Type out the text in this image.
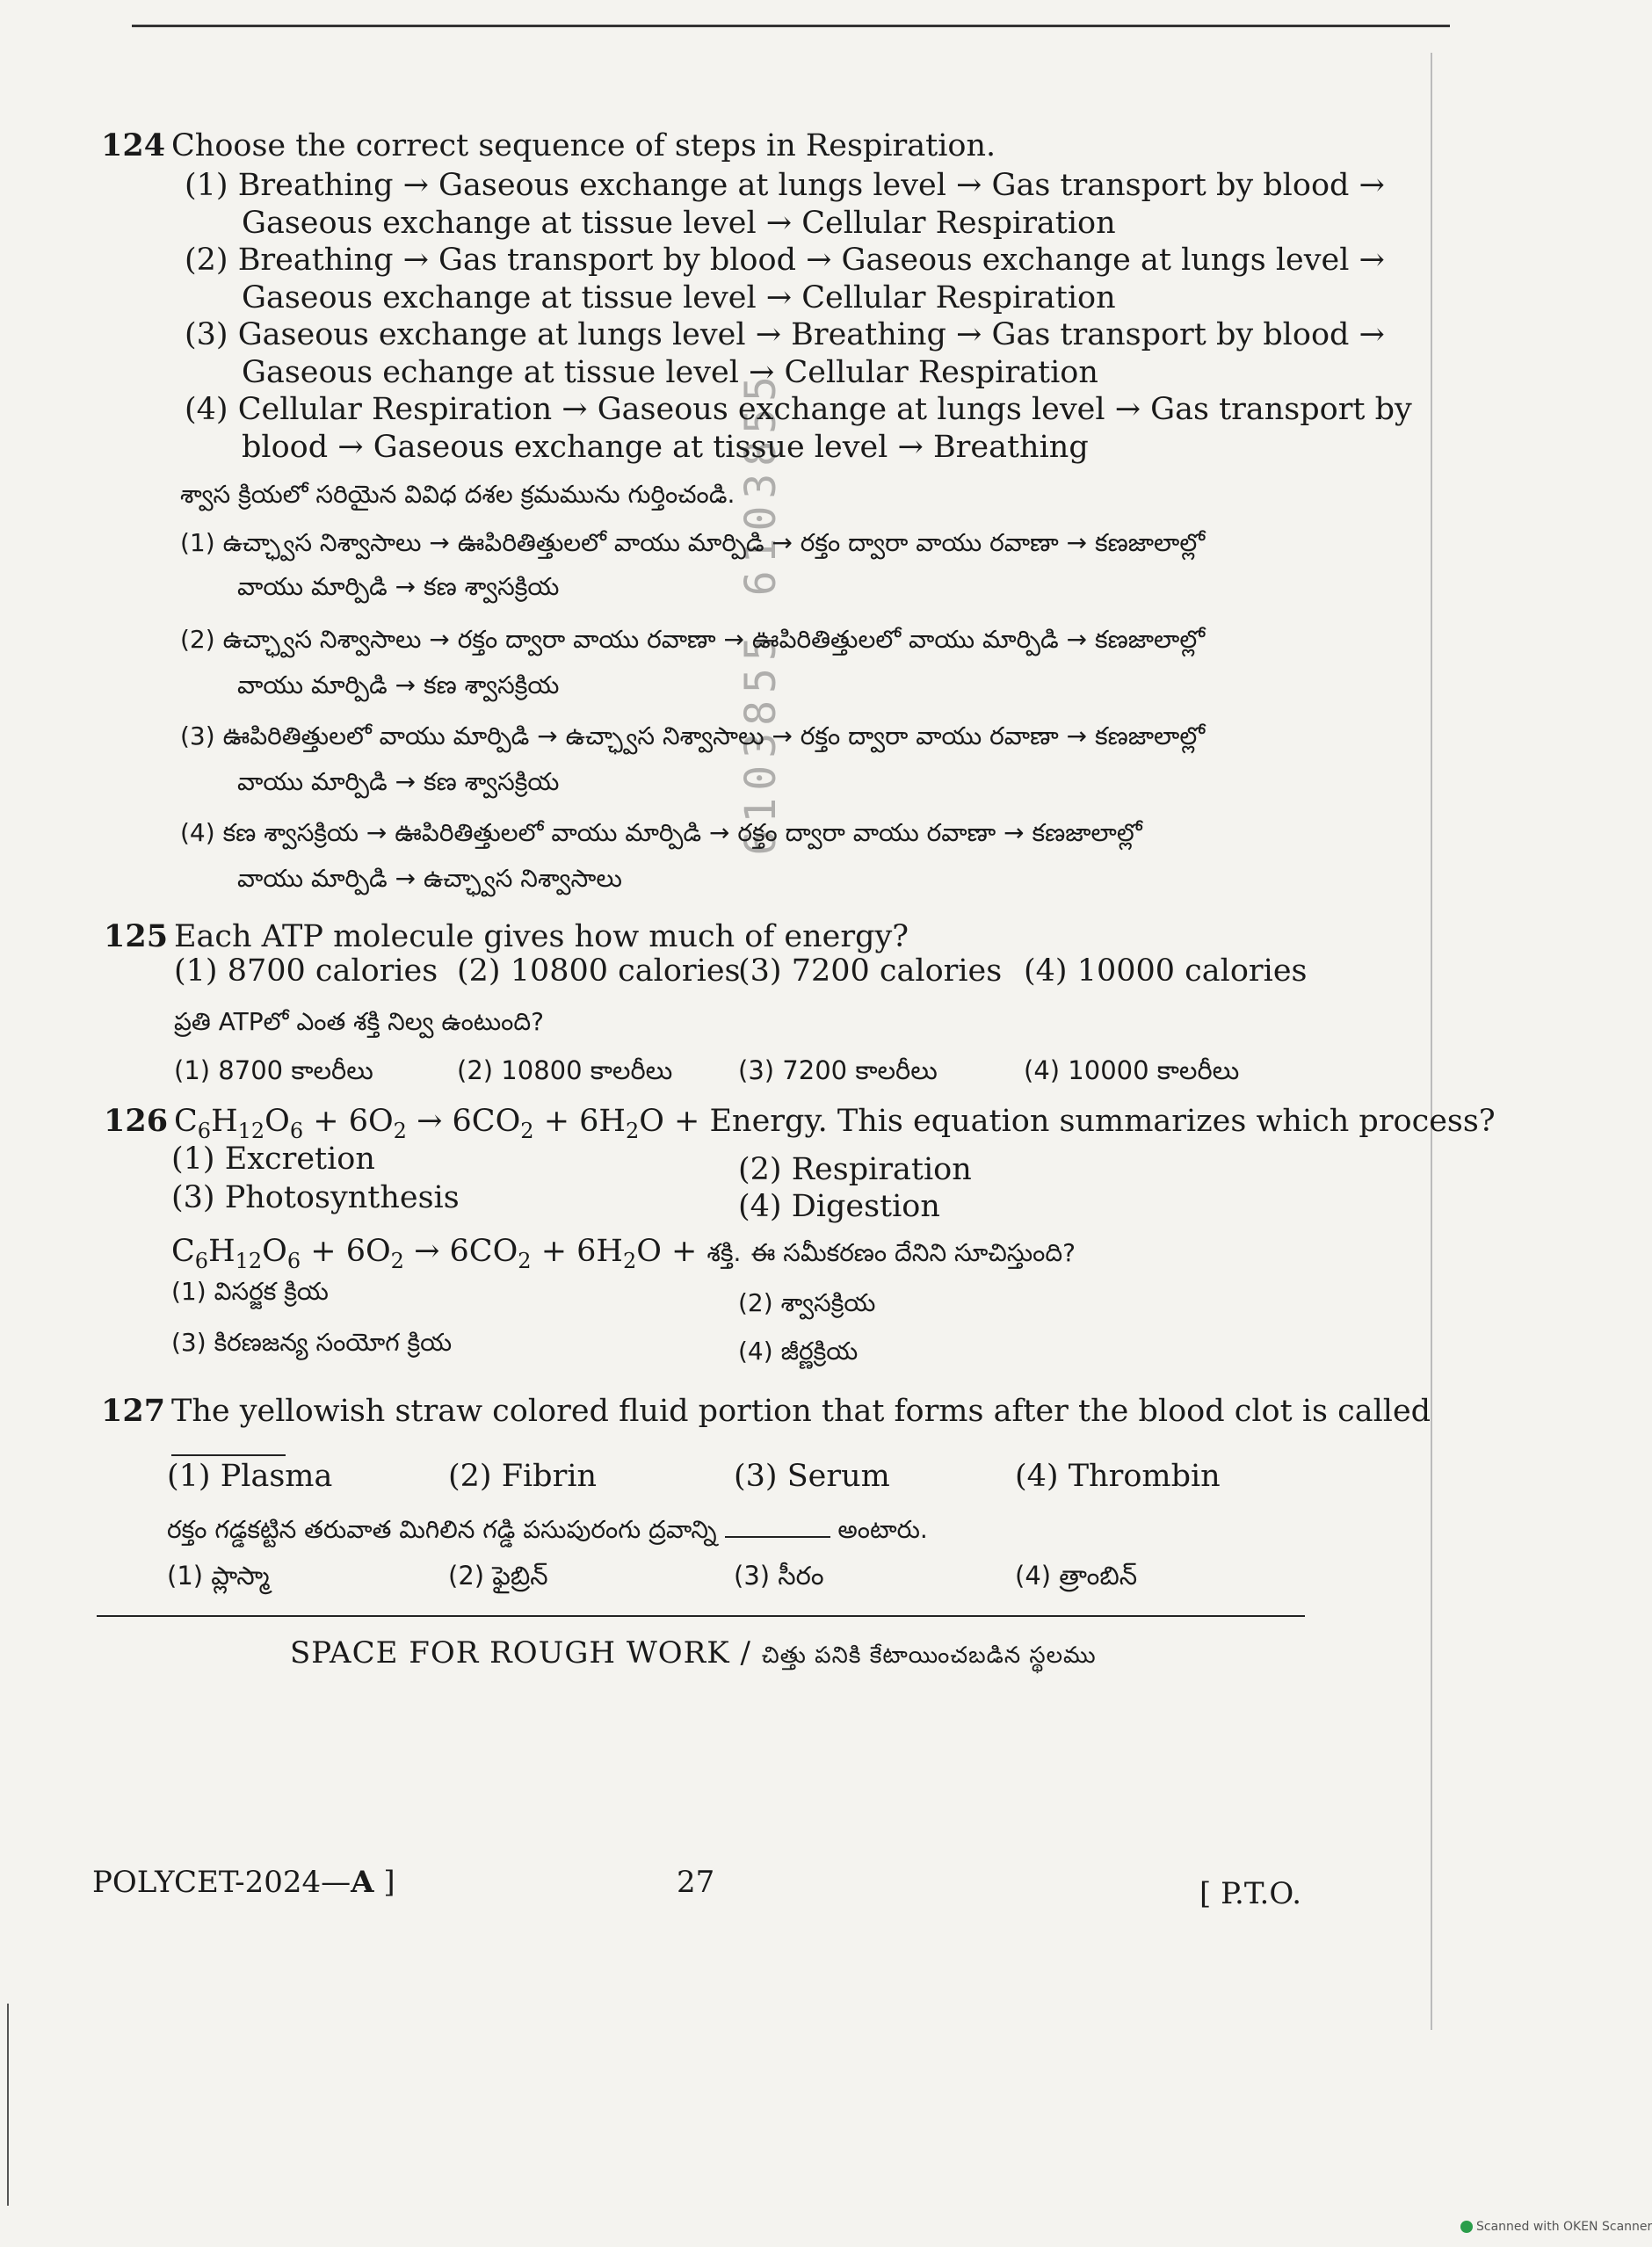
6103855 6103855
124 Choose the correct sequence of steps in Respiration.
(1) Breathing → Gaseous exchange at lungs level → Gas transport by blood →
Gaseous exchange at tissue level → Cellular Respiration
(2) Breathing → Gas transport by blood → Gaseous exchange at lungs level →
Gaseous exchange at tissue level → Cellular Respiration
(3) Gaseous exchange at lungs level → Breathing → Gas transport by blood →
Gaseous echange at tissue level → Cellular Respiration
(4) Cellular Respiration → Gaseous exchange at lungs level → Gas transport by
blood → Gaseous exchange at tissue level → Breathing
శ్వాస క్రియలో సరియైన వివిధ దశల క్రమమును గుర్తించండి.
(1) ఉచ్ఛ్వాస నిశ్వాసాలు → ఊపిరితిత్తులలో వాయు మార్పిడి → రక్తం ద్వారా వాయు రవాణా → కణజాలాల్లో
వాయు మార్పిడి → కణ శ్వాసక్రియ
(2) ఉచ్ఛ్వాస నిశ్వాసాలు → రక్తం ద్వారా వాయు రవాణా → ఊపిరితిత్తులలో వాయు మార్పిడి → కణజాలాల్లో
వాయు మార్పిడి → కణ శ్వాసక్రియ
(3) ఊపిరితిత్తులలో వాయు మార్పిడి → ఉచ్ఛ్వాస నిశ్వాసాలు → రక్తం ద్వారా వాయు రవాణా → కణజాలాల్లో
వాయు మార్పిడి → కణ శ్వాసక్రియ
(4) కణ శ్వాసక్రియ → ఊపిరితిత్తులలో వాయు మార్పిడి → రక్తం ద్వారా వాయు రవాణా → కణజాలాల్లో
వాయు మార్పిడి → ఉచ్ఛ్వాస నిశ్వాసాలు
125 Each ATP molecule gives how much of energy?
(1) 8700 calories (2) 10800 calories
(3) 7200 calories (4) 10000 calories
ప్రతి ATPలో ఎంత శక్తి నిల్వ ఉంటుంది?
(1) 8700 కాలరీలు	(2) 10800 కాలరీలు	(3) 7200 కాలరీలు	(4) 10000 కాలరీలు
126 $C_6H_{12}O_6 + 6O_2 \to 6CO_2 + 6H_2O$ + Energy. This equation summarizes which process?
(1) Excretion	(2) Respiration
(3) Photosynthesis	(4) Digestion
$C_6H_{12}O_6 + 6O_2 \to 6CO_2 + 6H_2O$ + శక్తి. ఈ సమీకరణం దేనిని సూచిస్తుంది?
(1) విసర్జక క్రియ	(2) శ్వాసక్రియ
(3) కిరణజన్య సంయోగ క్రియ	(4) జీర్ణక్రియ
127 The yellowish straw colored fluid portion that forms after the blood clot is called
(1) Plasma	(2) Fibrin	(3) Serum	(4) Thrombin
రక్తం గడ్డకట్టిన తరువాత మిగిలిన గడ్డి పసుపురంగు ద్రవాన్ని	అంటారు.
(1) ప్లాస్మా	(2) ఫైబ్రిన్	(3) సీరం	(4) త్రాంబిన్
SPACE FOR ROUGH WORK / చిత్తు పనికి కేటాయించబడిన స్థలము
POLYCET-2024—A ]	27	[ P.T.O.
Scanned with OKEN Scanner
